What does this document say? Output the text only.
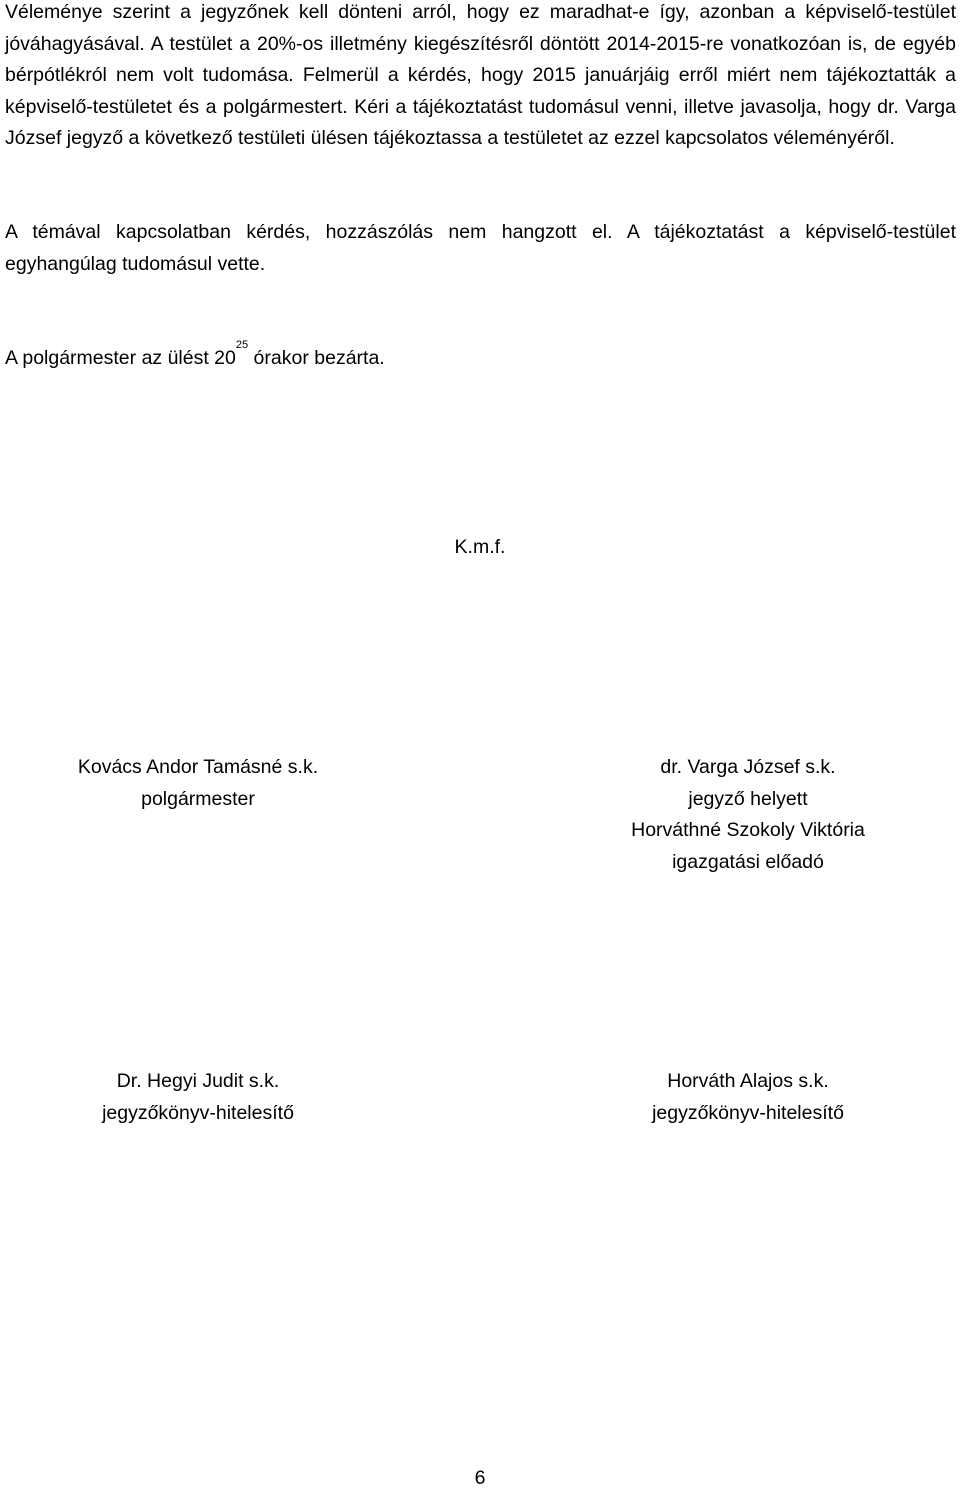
Véleménye szerint a jegyzőnek kell dönteni arról, hogy ez maradhat-e így, azonban a képviselő-testület jóváhagyásával. A testület a 20%-os illetmény kiegészítésről döntött 2014-2015-re vonatkozóan is, de egyéb bérpótlékról nem volt tudomása. Felmerül a kérdés, hogy 2015 januárjáig erről miért nem tájékoztatták a képviselő-testületet és a polgármestert. Kéri a tájékoztatást tudomásul venni, illetve javasolja, hogy dr. Varga József jegyző a következő testületi ülésen tájékoztassa a testületet az ezzel kapcsolatos véleményéről.

A témával kapcsolatban kérdés, hozzászólás nem hangzott el. A tájékoztatást a képviselő-testület egyhangúlag tudomásul vette.

A polgármester az ülést $20^{25}$ órakor bezárta.

K.m.f.

Kovács Andor Tamásné s.k.
polgármester
dr. Varga József s.k.
jegyző helyett
Horváthné Szokoly Viktória
igazgatási előadó
Dr. Hegyi Judit s.k.
jegyzőkönyv-hitelesítő
Horváth Alajos s.k.
jegyzőkönyv-hitelesítő
6
